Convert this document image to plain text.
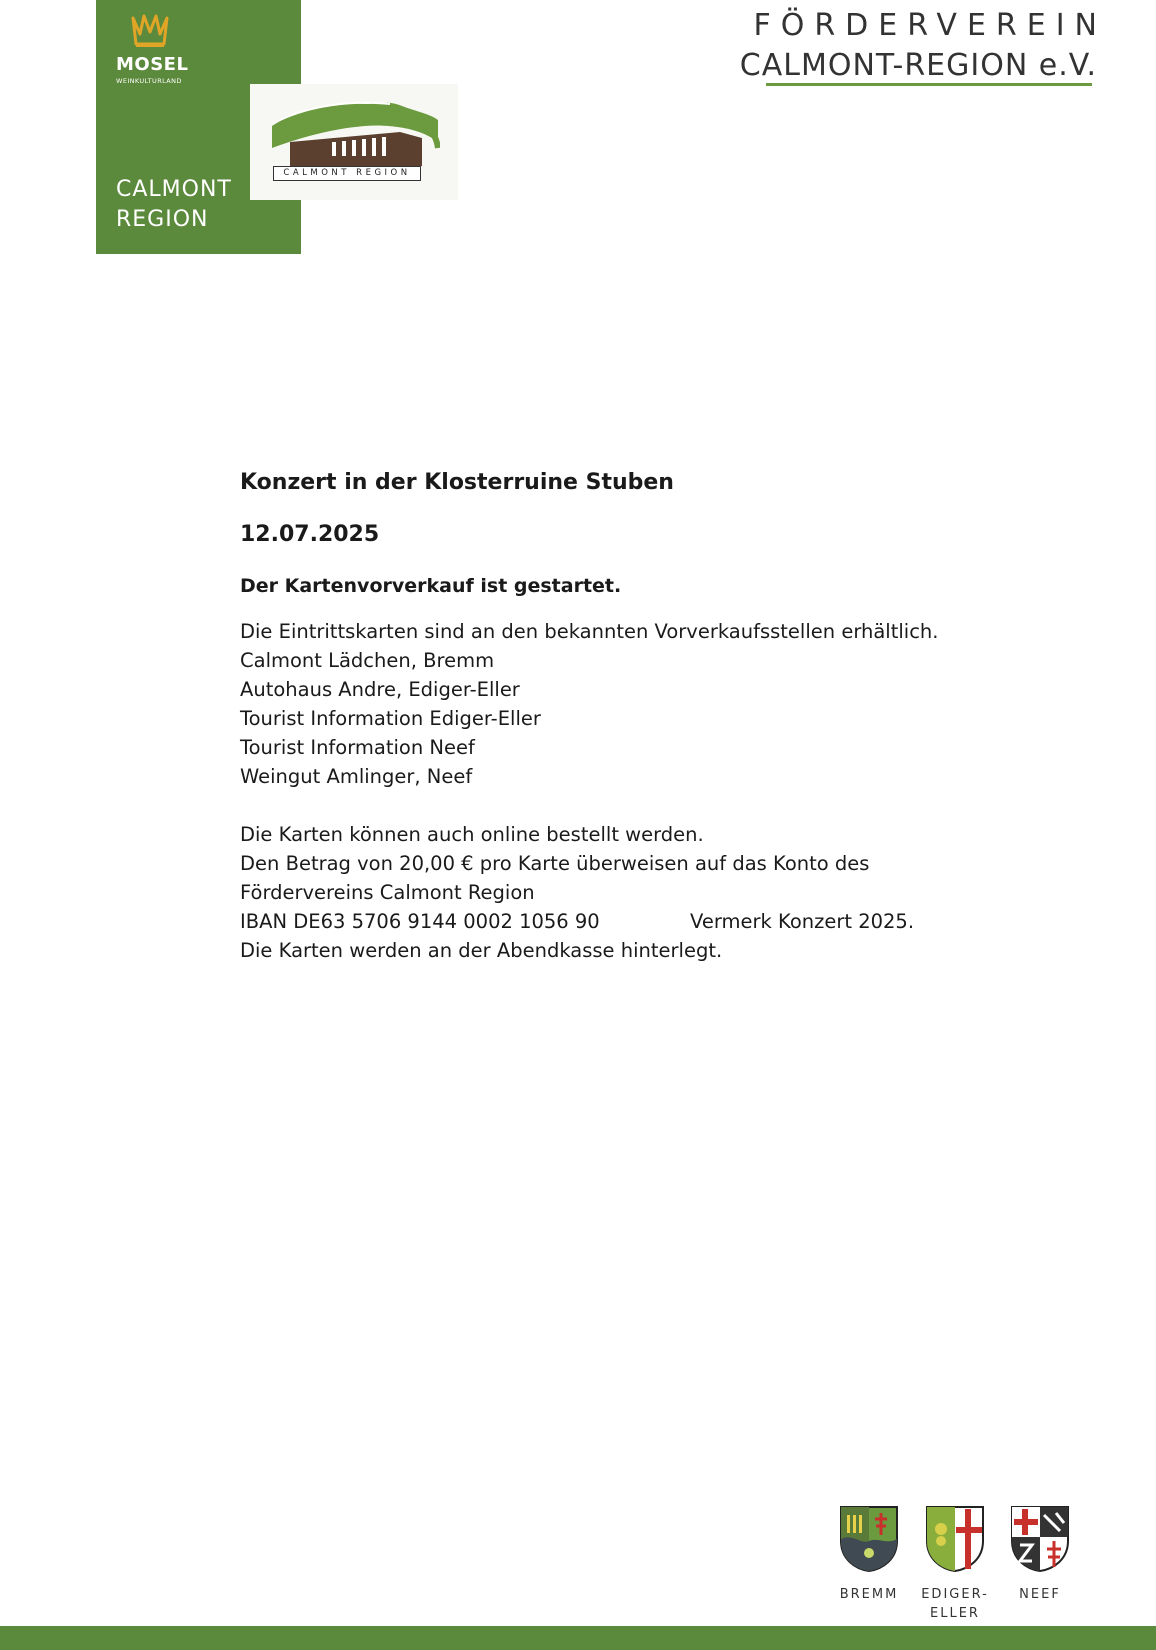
MOSEL
WEINKULTURLAND
CALMONT
REGION
CALMONT REGION
FÖRDERVEREIN
CALMONT-REGION e.V.
Konzert in der Klosterruine Stuben
12.07.2025
Der Kartenvorverkauf ist gestartet.
Die Eintrittskarten sind an den bekannten Vorverkaufsstellen erhältlich.
Calmont Lädchen, Bremm
Autohaus Andre, Ediger-Eller
Tourist Information Ediger-Eller
Tourist Information Neef
Weingut Amlinger, Neef
Die Karten können auch online bestellt werden.
Den Betrag von 20,00 € pro Karte überweisen auf das Konto des
Fördervereins Calmont Region
IBAN DE63 5706 9144 0002 1056 90	Vermerk Konzert 2025.
Die Karten werden an der Abendkasse hinterlegt.
BREMM	EDIGER-
ELLER
NEEF
